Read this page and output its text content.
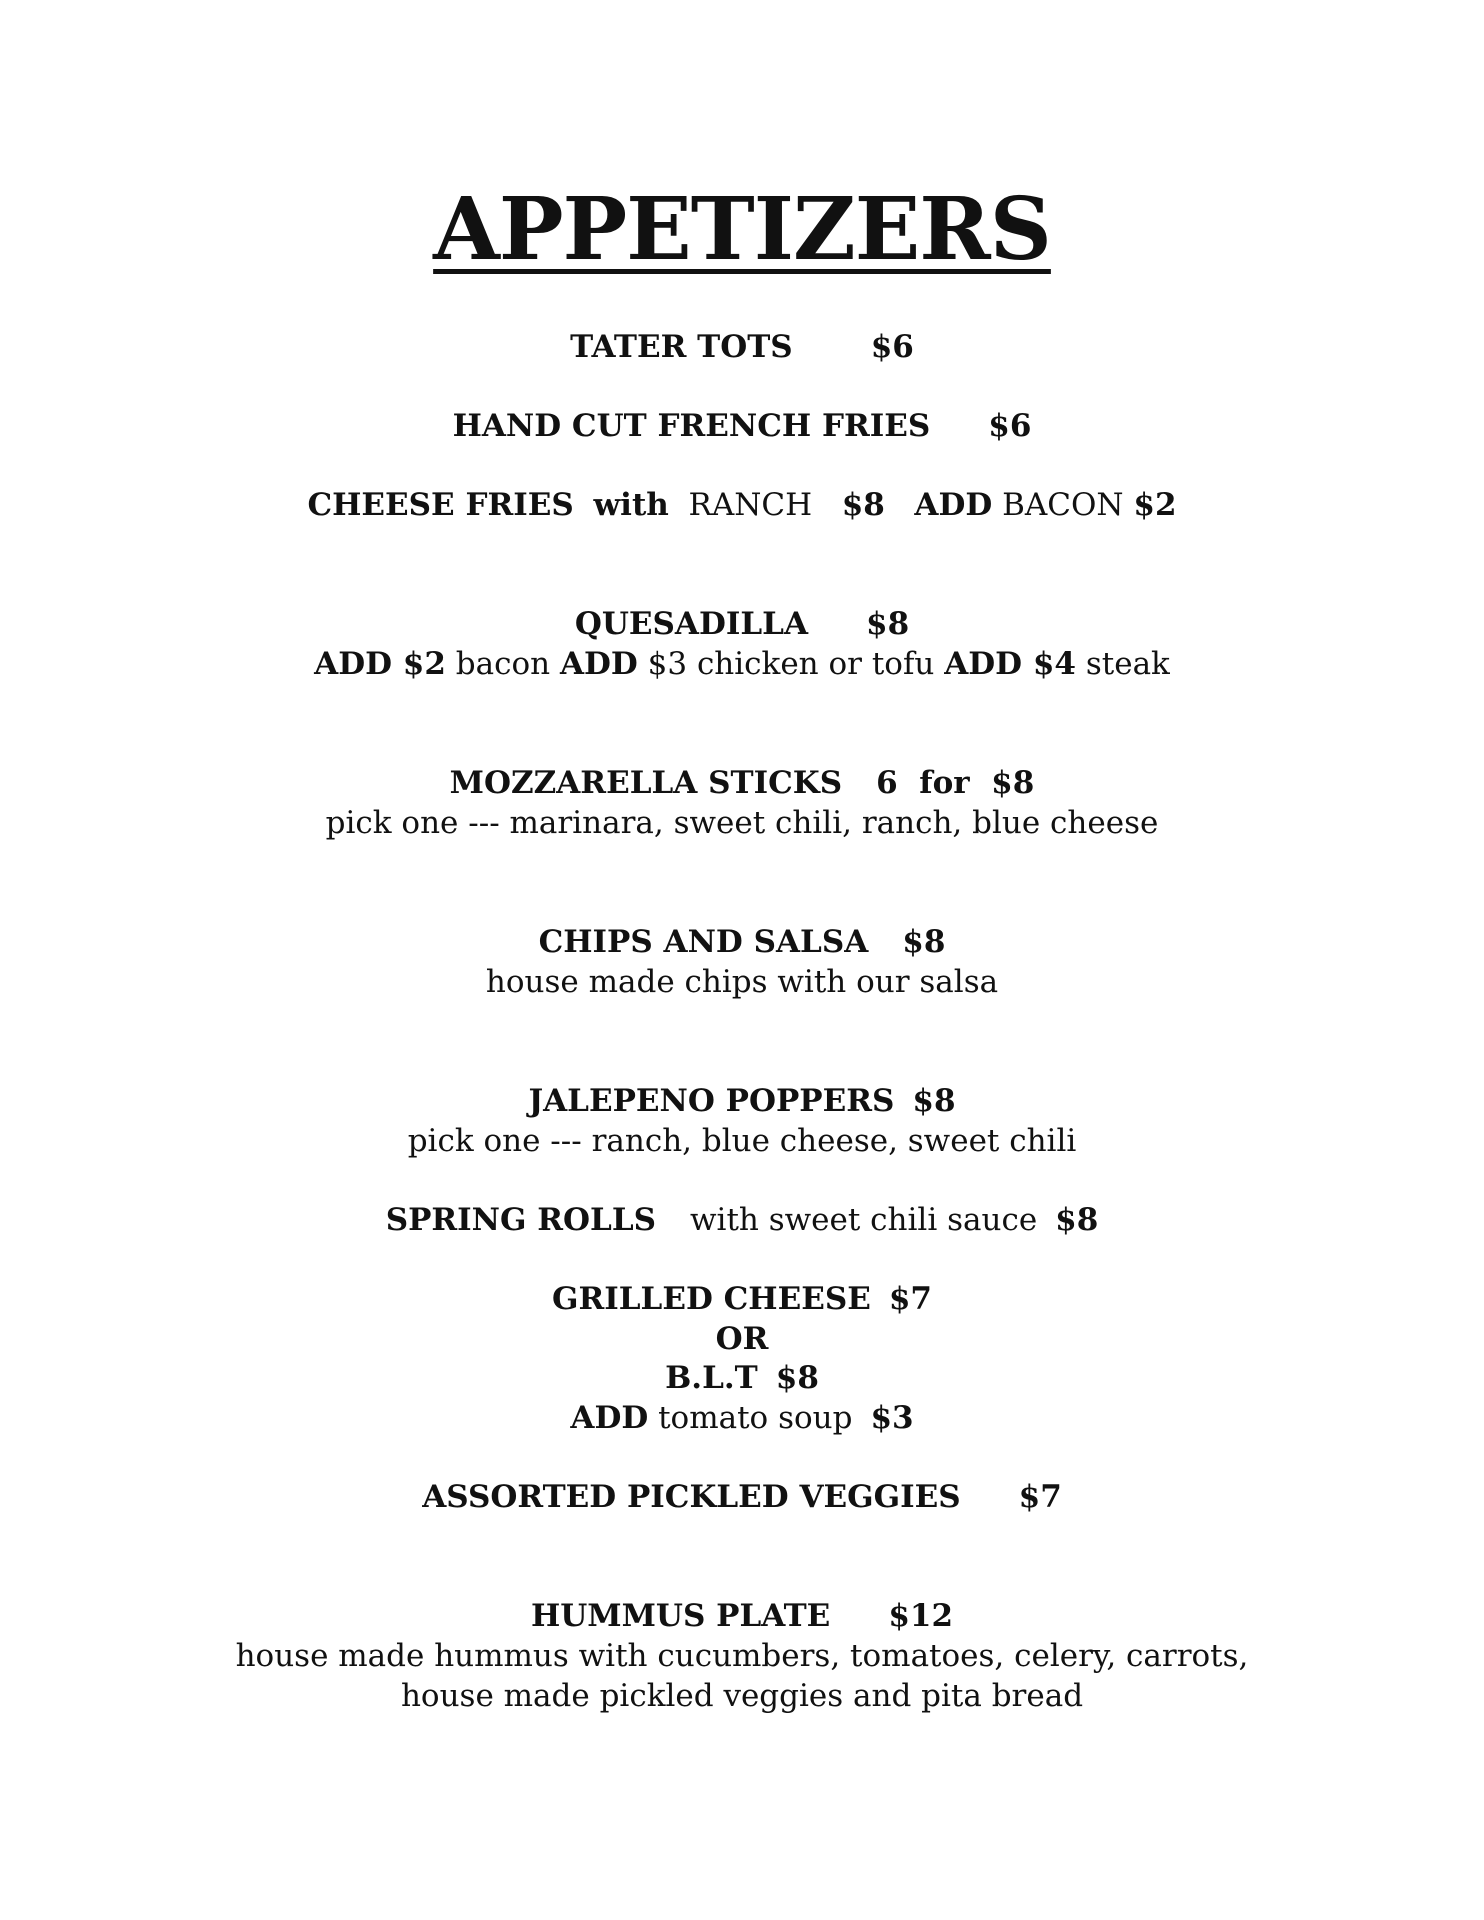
APPETIZERS
TATER TOTS	$6
HAND CUT FRENCH FRIES $6
CHEESE FRIES with RANCH $8 ADD BACON $2
QUESADILLA $8
ADD $2 bacon ADD $3 chicken or tofu ADD $4 steak
MOZZARELLA STICKS 6  for  $8
pick one --- marinara, sweet chili, ranch, blue cheese
CHIPS AND SALSA $8
house made chips with our salsa
JALEPENO POPPERS $8
pick one --- ranch, blue cheese, sweet chili
SPRING ROLLS with sweet chili sauce $8
GRILLED CHEESE $7
OR
B.L.T $8
ADD tomato soup $3
ASSORTED PICKLED VEGGIES $7
HUMMUS PLATE $12
house made hummus with cucumbers, tomatoes, celery, carrots,
house made pickled veggies and pita bread
